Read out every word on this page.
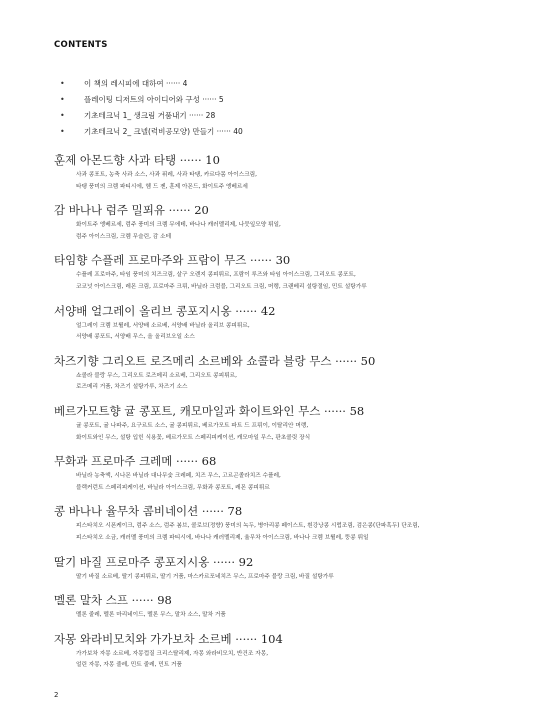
CONTENTS
•	이 책의 레시피에 대하여 ······ 4
•	플레이팅 디저트의 아이디어와 구성 ······ 5
•	기초테크닉 1_ 생크림 거품내기 ······ 28
•	기초테크닉 2_ 크넬(럭비공모양) 만들기 ······ 40
훈제 아몬드향 사과 타탱 ······ 10
사과 콩포트, 농축 사과 소스, 사과 퓌레, 사과 타탱, 카르다몸 아이스크림,
타탱 풍미의 크렘 파티시에, 헴 드 젠, 훈제 아몬드, 화이트주 엥베르세
감 바나나 럼주 밀푀유 ······ 20
화이트주 엥베르세, 럼주 풍미의 크렘 무에테, 바나나 캐러멜리제, 나뭇잎모양 튀일,
럼주 아이스크림, 크렘 무슬린, 감 소테
타임향 수플레 프로마주와 프람이 무즈 ······ 30
수플레 프로마주, 타임 풍미의 치즈크림, 살구 오렌지 콩피튀르, 프람이 루즈와 타임 아이스크림, 그리오트 콩포트,
코코넛 아이스크림, 레몬 크림, 프로마주 크뤼, 바닐라 크럼블, 그리오트 크림, 머랭, 크랜베리 설탕절임, 민트 설탕가루
서양배 얼그레이 올리브 콩포지시옹 ······ 42
얼그레이 크렘 브륄레, 서양배 소르베, 서양배 바닐라 올리브 콩피튀르,
서양배 콩포트, 서양배 무스, 올 올리브오일 소스
차즈기향 그리오트 로즈메리 소르베와 쇼콜라 블랑 무스 ······ 50
쇼콜라 블랑 무스, 그리오트 로즈메리 소르베, 그리오트 콩피튀르,
로즈메리 거품, 차즈기 설탕가루, 차즈기 소스
베르가모트향 귤 콩포트, 캐모마일과 화이트와인 무스 ······ 58
귤 콩포트, 귤 나파주, 요구르트 소스, 귤 콩피튀르, 베르가모트 파트 드 프뤼이, 이탈리안 머랭,
화이트와인 무스, 설탕 입힌 식용꽃, 베르가모트 스페리피케이션, 캐모마일 무스, 판초콜릿 장식
무화과 프로마주 크레메 ······ 68
바닐라 농축액, 시나몬 바닐라 대나무숯 크레페, 치즈 무스, 고르곤졸라치즈 수플레,
블랙커런트 스페리피케이션, 바닐라 아이스크림, 무화과 콩포트, 레몬 콩피튀르
콩 바나나 율무차 콤비네이션 ······ 78
피스타치오 시폰케이크, 럼주 소스, 럼주 봄브, 콜로브(정향) 풍미의 녹두, 병아리콩 페이스트, 흰강낭콩 시럽조림, 검은콩(단파흑두) 단조림,
피스타치오 소금, 캐러멜 풍미의 크렘 파티시에, 바나나 캐러멜리제, 율무차 아이스크림, 바나나 크렘 브륄레, 뚱콩 튀일
딸기 바질 프로마주 콩포지시옹 ······ 92
딸기 바질 소르베, 딸기 콩피튀르, 딸기 거품, 마스카르포네치즈 무스, 프로마주 블랑 크림, 바질 설탕가루
멜론 말차 스프 ······ 98
멜론 줄레, 멜론 마리네이드, 멜론 무스, 말차 소스, 말차 거품
자몽 와라비모치와 가가보차 소르베 ······ 104
가가보차 자몽 소르베, 자몽껍질 크리스탈리제, 자몽 와라비모치, 반건조 자몽,
얼린 자몽, 자몽 줄레, 민트 줄레, 민트 거품
2
